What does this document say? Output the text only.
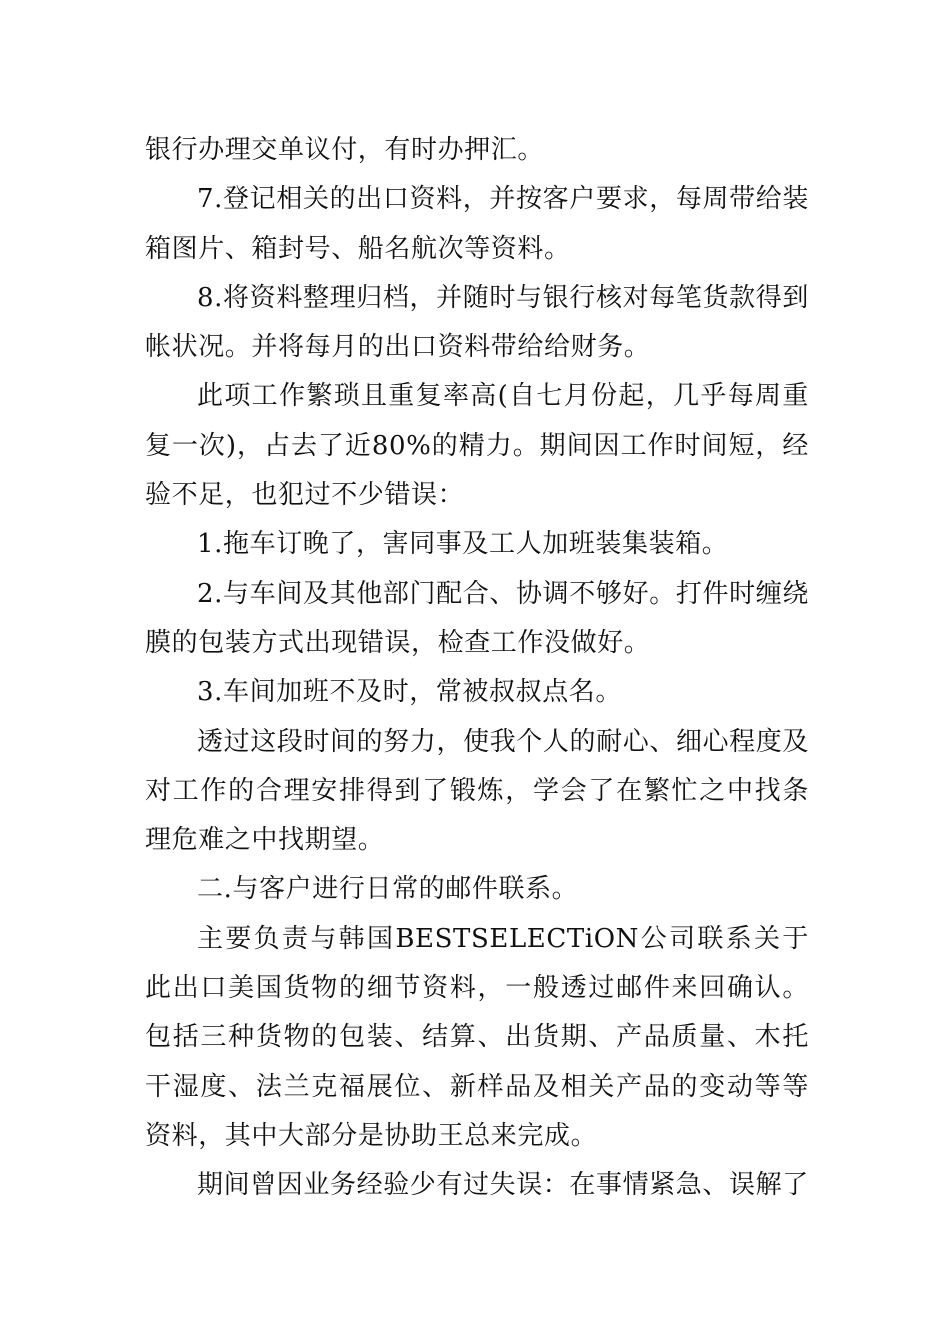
银行办理交单议付，有时办押汇。

7.登记相关的出口资料，并按客户要求，每周带给装箱图片、箱封号、船名航次等资料。

8.将资料整理归档，并随时与银行核对每笔货款得到帐状况。并将每月的出口资料带给给财务。

此项工作繁琐且重复率高(自七月份起，几乎每周重复一次)，占去了近80%的精力。期间因工作时间短，经验不足，也犯过不少错误：

1.拖车订晚了，害同事及工人加班装集装箱。

2.与车间及其他部门配合、协调不够好。打件时缠绕膜的包装方式出现错误，检查工作没做好。

3.车间加班不及时，常被叔叔点名。

透过这段时间的努力，使我个人的耐心、细心程度及对工作的合理安排得到了锻炼，学会了在繁忙之中找条理危难之中找期望。

二.与客户进行日常的邮件联系。

主要负责与韩国BESTSELECTiON公司联系关于此出口美国货物的细节资料，一般透过邮件来回确认。包括三种货物的包装、结算、出货期、产品质量、木托干湿度、法兰克福展位、新样品及相关产品的变动等等资料，其中大部分是协助王总来完成。

期间曾因业务经验少有过失误：在事情紧急、误解了
